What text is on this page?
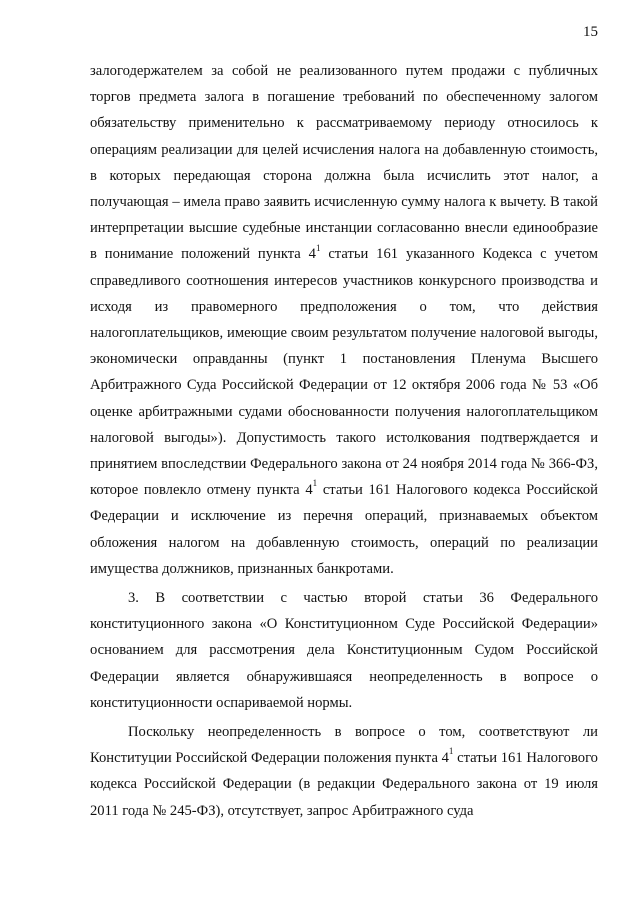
15

залогодержателем за собой не реализованного путем продажи с публичных торгов предмета залога в погашение требований по обеспеченному залогом обязательству применительно к рассматриваемому периоду относилось к операциям реализации для целей исчисления налога на добавленную стоимость, в которых передающая сторона должна была исчислить этот налог, а получающая – имела право заявить исчисленную сумму налога к вычету. В такой интерпретации высшие судебные инстанции согласованно внесли единообразие в понимание положений пункта $4^1$ статьи 161 указанного Кодекса с учетом справедливого соотношения интересов участников конкурсного производства и исходя из правомерного предположения о том, что действия налогоплательщиков, имеющие своим результатом получение налоговой выгоды, экономически оправданны (пункт 1 постановления Пленума Высшего Арбитражного Суда Российской Федерации от 12 октября 2006 года № 53 «Об оценке арбитражными судами обоснованности получения налогоплательщиком налоговой выгоды»). Допустимость такого истолкования подтверждается и принятием впоследствии Федерального закона от 24 ноября 2014 года № 366-ФЗ, которое повлекло отмену пункта $4^1$ статьи 161 Налогового кодекса Российской Федерации и исключение из перечня операций, признаваемых объектом обложения налогом на добавленную стоимость, операций по реализации имущества должников, признанных банкротами.

3. В соответствии с частью второй статьи 36 Федерального конституционного закона «О Конституционном Суде Российской Федерации» основанием для рассмотрения дела Конституционным Судом Российской Федерации является обнаружившаяся неопределенность в вопросе о конституционности оспариваемой нормы.

Поскольку неопределенность в вопросе о том, соответствуют ли Конституции Российской Федерации положения пункта $4^1$ статьи 161 Налогового кодекса Российской Федерации (в редакции Федерального закона от 19 июля 2011 года № 245-ФЗ), отсутствует, запрос Арбитражного суда
